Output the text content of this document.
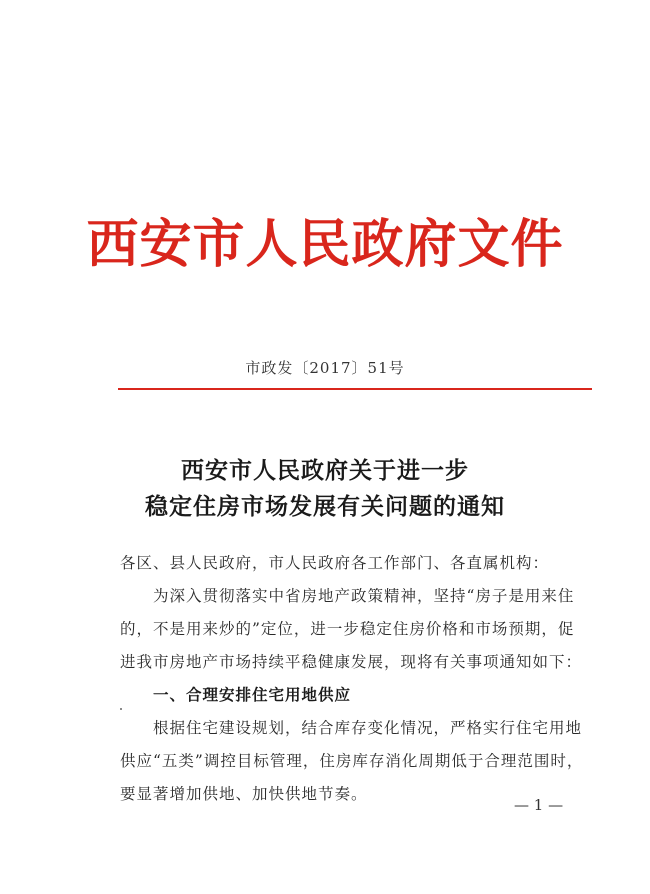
西安市人民政府文件
市政发〔2017〕51号
西安市人民政府关于进一步
稳定住房市场发展有关问题的通知
各区、县人民政府，市人民政府各工作部门、各直属机构：
为深入贯彻落实中省房地产政策精神，坚持“房子是用来住
的，不是用来炒的”定位，进一步稳定住房价格和市场预期，促
进我市房地产市场持续平稳健康发展，现将有关事项通知如下：
一、合理安排住宅用地供应
根据住宅建设规划，结合库存变化情况，严格实行住宅用地
供应“五类”调控目标管理，住房库存消化周期低于合理范围时，
要显著增加供地、加快供地节奏。
— 1 —
